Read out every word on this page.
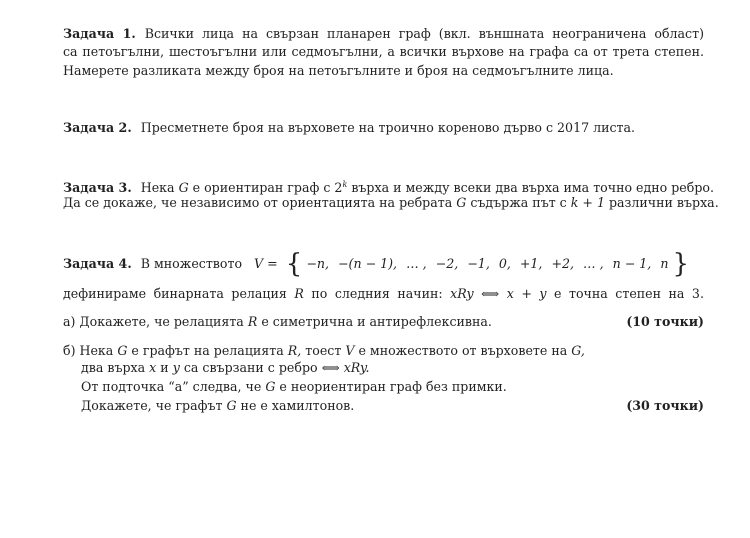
Задача 1. Всички лица на свързан планарен граф (вкл. външната неограничена област)
са петоъгълни, шестоъгълни или седмоъгълни, а всички върхове на графа са от трета степен.
Намерете разликата между броя на петоъгълните и броя на седмоъгълните лица.
Задача 2. Пресметнете броя на върховете на троично кореново дърво с 2017 листа.
Задача 3. Нека G е ориентиран граф с 2$^k$ върха и между всеки два върха има точно едно ребро.
Да се докаже, че независимо от ориентацията на ребрата G съдържа път с k + 1 различни върха.
Задача 4. В множеството V = { −n, −(n − 1), … , −2, −1, 0, +1, +2, … , n − 1, n }
дефинираме бинарната релация R по следния начин: xRy ⟺ x + y е точна степен на 3.
а) Докажете, че релацията R е симетрична и антирефлексивна.	(10 точки)
б) Нека G е графът на релацията R, тоест V е множеството от върховете на G,
два върха x и y са свързани с ребро ⟺ xRy.
От подточка “а” следва, че G е неориентиран граф без примки.
Докажете, че графът G не е хамилтонов.	(30 точки)
